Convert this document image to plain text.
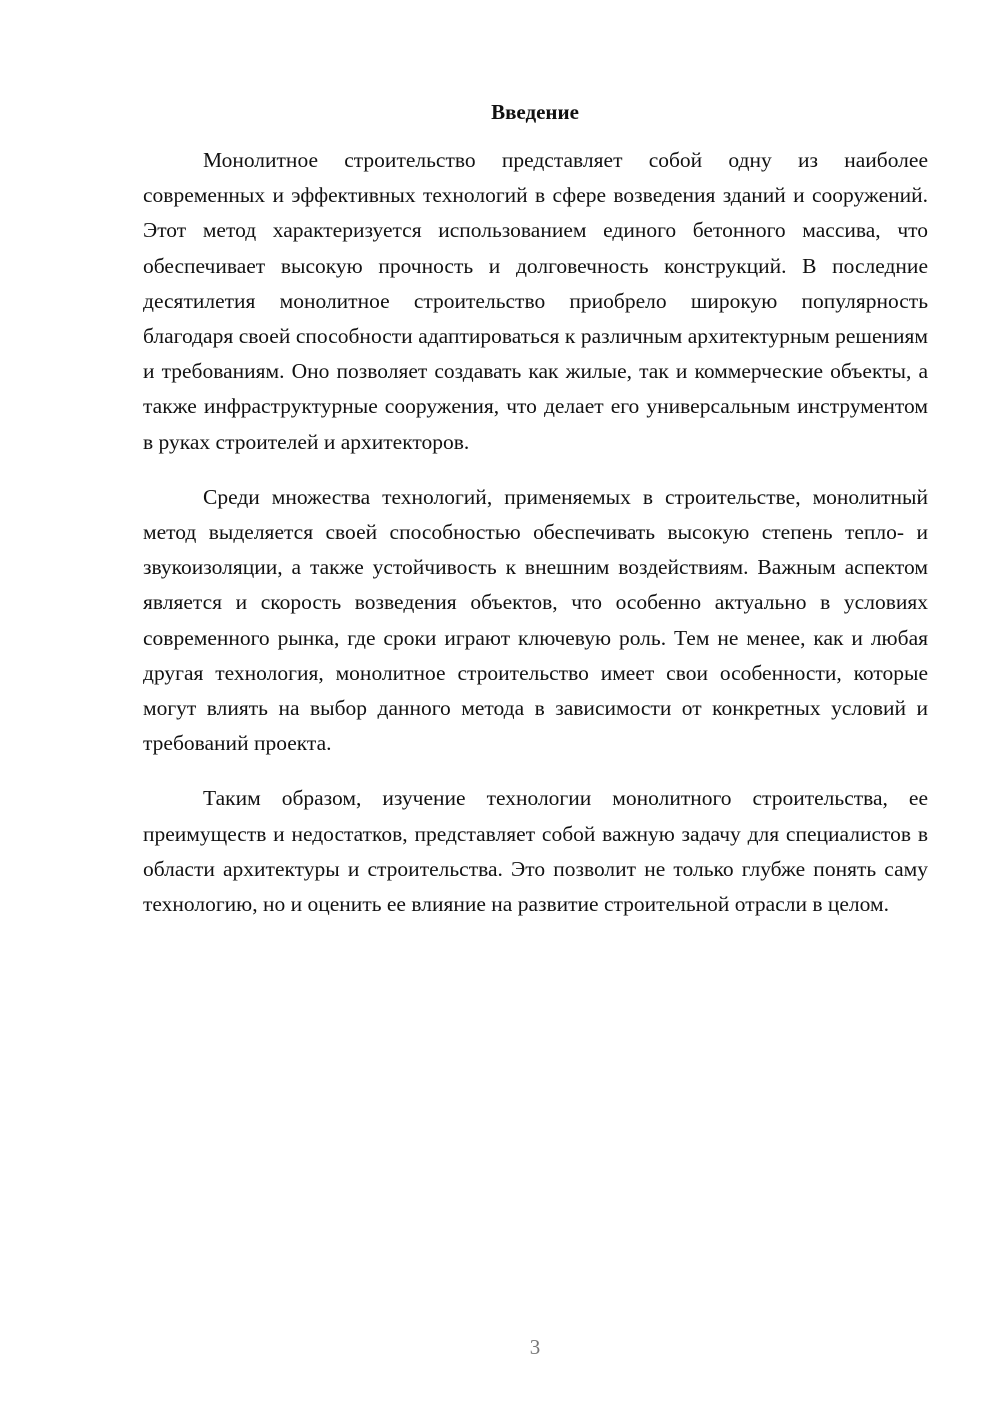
Введение

Монолитное строительство представляет собой одну из наиболее современных и эффективных технологий в сфере возведения зданий и сооружений. Этот метод характеризуется использованием единого бетонного массива, что обеспечивает высокую прочность и долговечность конструкций. В последние десятилетия монолитное строительство приобрело широкую популярность благодаря своей способности адаптироваться к различным архитектурным решениям и требованиям. Оно позволяет создавать как жилые, так и коммерческие объекты, а также инфраструктурные сооружения, что делает его универсальным инструментом в руках строителей и архитекторов.

Среди множества технологий, применяемых в строительстве, монолитный метод выделяется своей способностью обеспечивать высокую степень тепло- и звукоизоляции, а также устойчивость к внешним воздействиям. Важным аспектом является и скорость возведения объектов, что особенно актуально в условиях современного рынка, где сроки играют ключевую роль. Тем не менее, как и любая другая технология, монолитное строительство имеет свои особенности, которые могут влиять на выбор данного метода в зависимости от конкретных условий и требований проекта.

Таким образом, изучение технологии монолитного строительства, ее преимуществ и недостатков, представляет собой важную задачу для специалистов в области архитектуры и строительства. Это позволит не только глубже понять саму технологию, но и оценить ее влияние на развитие строительной отрасли в целом.

3
